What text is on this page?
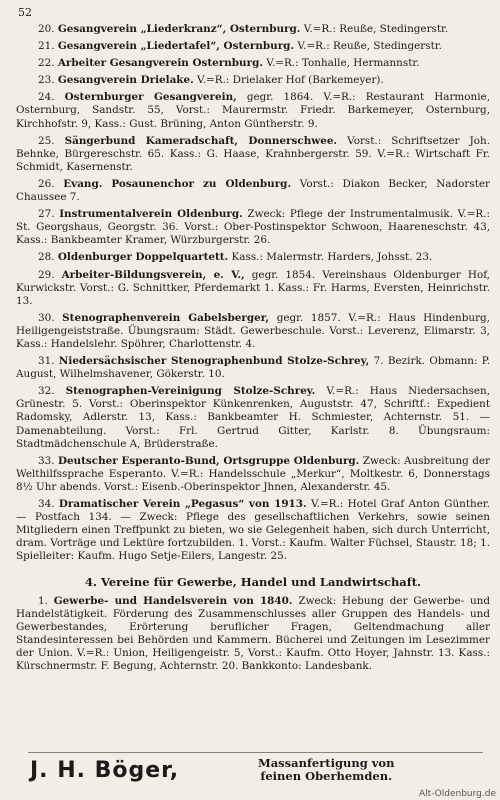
52
20. Gesangverein „Liederkranz“, Osternburg. V.=R.: Reuße, Stedingerstr.
21. Gesangverein „Liedertafel“, Osternburg. V.=R.: Reuße, Stedingerstr.
22. Arbeiter Gesangverein Osternburg. V.=R.: Tonhalle, Hermannstr.
23. Gesangverein Drielake. V.=R.: Drielaker Hof (Barkemeyer).
24. Osternburger Gesangverein, gegr. 1864. V.=R.: Restaurant Harmonie, Osternburg, Sandstr. 55, Vorst.: Maurermstr. Friedr. Barkemeyer, Osternburg, Kirchhofstr. 9, Kass.: Gust. Brüning, Anton Güntherstr. 9.
25. Sängerbund Kameradschaft, Donnerschwee. Vorst.: Schriftsetzer Joh. Behnke, Bürgereschstr. 65. Kass.: G. Haase, Krahnbergerstr. 59. V.=R.: Wirtschaft Fr. Schmidt, Kasernenstr.
26. Evang. Posaunenchor zu Oldenburg. Vorst.: Diakon Becker, Nadorster Chaussee 7.
27. Instrumentalverein Oldenburg. Zweck: Pflege der Instrumentalmusik. V.=R.: St. Georgshaus, Georgstr. 36. Vorst.: Ober-Postinspektor Schwoon, Haareneschstr. 43, Kass.: Bankbeamter Kramer, Würzburgerstr. 26.
28. Oldenburger Doppelquartett. Kass.: Malermstr. Harders, Johsst. 23.
29. Arbeiter-Bildungsverein, e. V., gegr. 1854. Vereinshaus Oldenburger Hof, Kurwickstr. Vorst.: G. Schnittker, Pferdemarkt 1. Kass.: Fr. Harms, Eversten, Heinrichstr. 13.
30. Stenographenverein Gabelsberger, gegr. 1857. V.=R.: Haus Hindenburg, Heiligengeiststraße. Übungsraum: Städt. Gewerbeschule. Vorst.: Leverenz, Elimarstr. 3, Kass.: Handelslehr. Spöhrer, Charlottenstr. 4.
31. Niedersächsischer Stenographenbund Stolze-Schrey, 7. Bezirk. Obmann: P. August, Wilhelmshavener, Gökerstr. 10.
32. Stenographen-Vereinigung Stolze-Schrey. V.=R.: Haus Niedersachsen, Grünestr. 5. Vorst.: Oberinspektor Künkenrenken, Auguststr. 47, Schriftf.: Expedient Radomsky, Adlerstr. 13, Kass.: Bankbeamter H. Schmiester, Achternstr. 51. — Damenabteilung. Vorst.: Frl. Gertrud Gitter, Karlstr. 8. Übungsraum: Stadtmädchenschule A, Brüderstraße.
33. Deutscher Esperanto-Bund, Ortsgruppe Oldenburg. Zweck: Ausbreitung der Welthilfssprache Esperanto. V.=R.: Handelsschule „Merkur“, Moltkestr. 6, Donnerstags 8½ Uhr abends. Vorst.: Eisenb.-Oberinspektor Jhnen, Alexanderstr. 45.
34. Dramatischer Verein „Pegasus“ von 1913. V.=R.: Hotel Graf Anton Günther. — Postfach 134. — Zweck: Pflege des gesellschaftlichen Verkehrs, sowie seinen Mitgliedern einen Treffpunkt zu bieten, wo sie Gelegenheit haben, sich durch Unterricht, dram. Vorträge und Lektüre fortzubilden. 1. Vorst.: Kaufm. Walter Füchsel, Staustr. 18; 1. Spielleiter: Kaufm. Hugo Setje-Eilers, Langestr. 25.
4. Vereine für Gewerbe, Handel und Landwirtschaft.
1. Gewerbe- und Handelsverein von 1840. Zweck: Hebung der Gewerbe- und Handelstätigkeit. Förderung des Zusammenschlusses aller Gruppen des Handels- und Gewerbestandes, Erörterung beruflicher Fragen, Geltendmachung aller Standesinteressen bei Behörden und Kammern. Bücherei und Zeitungen im Lesezimmer der Union. V.=R.: Union, Heiligengeistr. 5, Vorst.: Kaufm. Otto Hoyer, Jahnstr. 13. Kass.: Kürschnermstr. F. Begung, Achternstr. 20. Bankkonto: Landesbank.
J. H. Böger,	Massanfertigung von
feinen Oberhemden.
Alt-Oldenburg.de
